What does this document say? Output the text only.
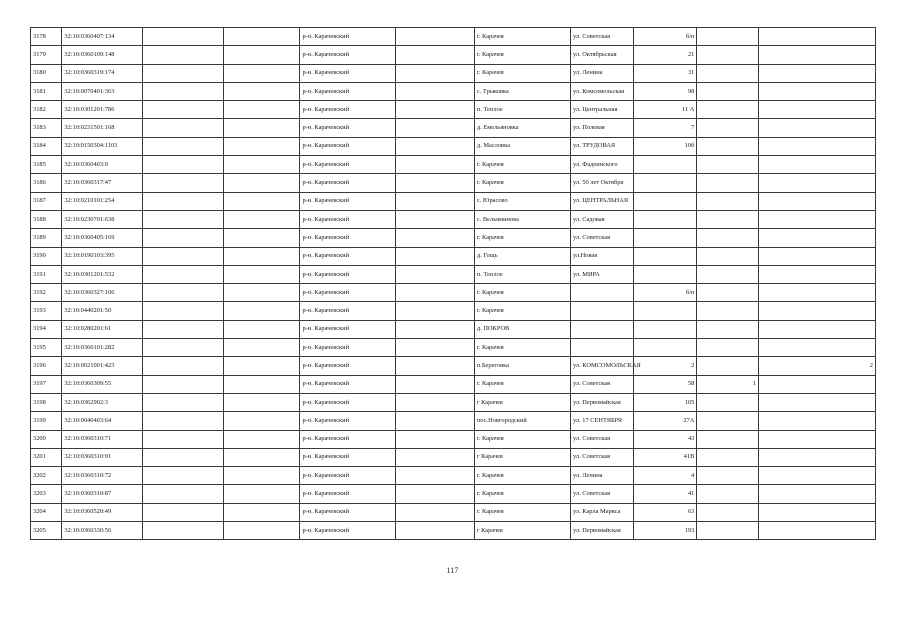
3178	32:10:0360407:134			р-н. Карачевский		г. Карачев	ул. Советская	б/н		
3179	32:10:0360109:148			р-н. Карачевский		г. Карачев	ул. Октябрьская	21		
3180	32:10:0360319:174			р-н. Карачевский		г. Карачев	ул. Ленина	31		
3181	32:10:0070401:363			р-н. Карачевский		с. Трыковка	ул. Комсомольская	98		
3182	32:10:0301201:786			р-н. Карачевский		п. Теплое	ул. Центральная	11 А		
3183	32:10:0231501:168			р-н. Карачевский		д. Емельяновка	ул. Полевая	7		
3184	32:10:0150304:1103			р-н. Карачевский		д. Масловка	ул. ТРУДОВАЯ	10б		
3185	32:10:0360403:9			р-н. Карачевский		г. Карачев	ул. Фадеинского			
3186	32:10:0360317:47			р-н. Карачевский		г. Карачев	ул. 50 лет Октября			
3187	32:10:0210101:254			р-н. Карачевский		с. Юрасово	ул. ЦЕНТРАЛЬНАЯ			
3188	32:10:0230701:638			р-н. Карачевский		с. Вельяминова	ул. Садовая			
3189	32:10:0360405:169			р-н. Карачевский		г. Карачев	ул. Советская			
3190	32:10:0190103:395			р-н. Карачевский		д. Гощь	ул.Новая			
3191	32:10:0301201:532			р-н. Карачевский		п. Теплое	ул. МИРА			
3192	32:10:0360327:106			р-н. Карачевский		г. Карачев		б/н		
3193	32:10:0440201:50			р-н. Карачевский		г. Карачев				
3194	32:10:0280201:61			р-н. Карачевский		д. ПОКРОВ				
3195	32:10:0360101:282			р-н. Карачевский		г. Карачев				
3196	32:10:0021001:423			р-н. Карачевский		п.Береговка	ул. КОМСОМОЛЬСКАЯ	2		2
3197	32:10:0360309:55			р-н. Карачевский		г. Карачев	ул. Советская	58	1	
3198	32:10:0362902:3			р-н. Карачевский		г Карачев	ул. Первомайская	105		
3199	32:10:0040403:64			р-н. Карачевский		пос.Новгородский	ул. 17 СЕНТЯБРЯ	27А		
3200	32:10:0360310:71			р-н. Карачевский		г. Карачев	ул. Советская	43		
3201	32:10:0360310:91			р-н. Карачевский		г Карачев	ул. Советская	41В		
3202	32:10:0360310:72			р-н. Карачевский		г. Карачев	ул. Ленина	4		
3203	32:10:0360310:87			р-н. Карачевский		г. Карачев	ул. Советская	41		
3204	32:10:0360520:49			р-н. Карачевский		г. Карачев	ул. Карла Маркса	63		
3205	32:10:0360330:56			р-н. Карачевский		г Карачев	ул. Первомайская	193		
117
